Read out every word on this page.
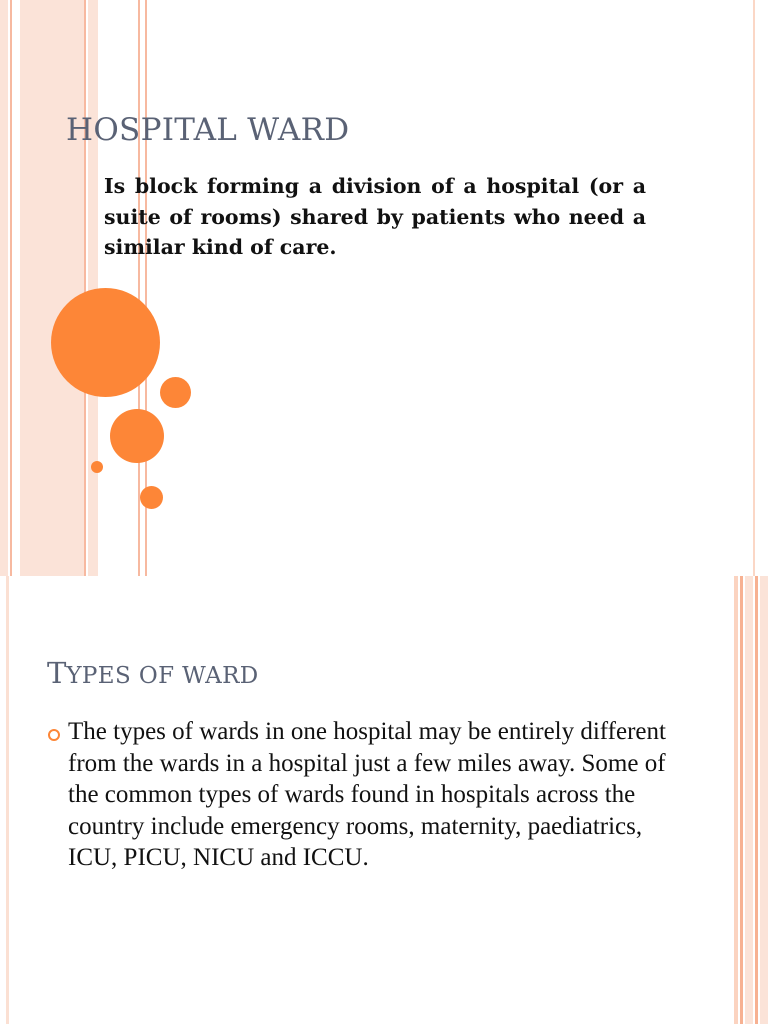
HOSPITAL WARD
Is block forming a division of a hospital (or a suite of rooms) shared by patients who need a similar kind of care.
TYPES OF WARD
The types of wards in one hospital may be entirely different from the wards in a hospital just a few miles away. Some of the common types of wards found in hospitals across the country include emergency rooms, maternity, paediatrics, ICU, PICU, NICU and ICCU.
